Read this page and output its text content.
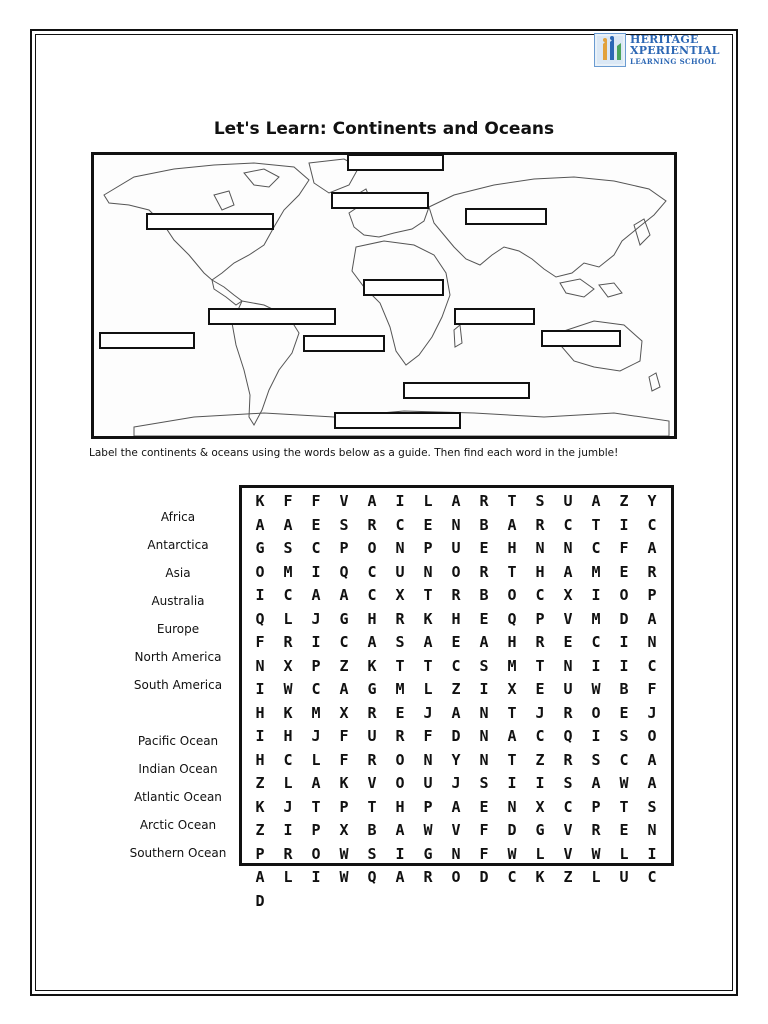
HERITAGE
XPERIENTIAL
LEARNING SCHOOL
Let's Learn: Continents and Oceans
Label the continents & oceans using the words below as a guide. Then find each word in the jumble!
Africa
Antarctica
Asia
Australia
Europe
North America
South America
Pacific Ocean
Indian Ocean
Atlantic Ocean
Arctic Ocean
Southern Ocean
K	F	F	V	A	I	L	A	R	T	S	U	A	Z	Y
A	A	E	S	R	C	E	N	B	A	R	C	T	I	C
G	S	C	P	O	N	P	U	E	H	N	N	C	F	A
O	M	I	Q	C	U	N	O	R	T	H	A	M	E	R
I	C	A	A	C	X	T	R	B	O	C	X	I	O	P
Q	L	J	G	H	R	K	H	E	Q	P	V	M	D	A
F	R	I	C	A	S	A	E	A	H	R	E	C	I	N
N	X	P	Z	K	T	T	C	S	M	T	N	I	I	C
I	W	C	A	G	M	L	Z	I	X	E	U	W	B	F
H	K	M	X	R	E	J	A	N	T	J	R	O	E	J
I	H	J	F	U	R	F	D	N	A	C	Q	I	S	O
H	C	L	F	R	O	N	Y	N	T	Z	R	S	C	A
Z	L	A	K	V	O	U	J	S	I	I	S	A	W	A
K	J	T	P	T	H	P	A	E	N	X	C	P	T	S
Z	I	P	X	B	A	W	V	F	D	G	V	R	E	N
P	R	O	W	S	I	G	N	F	W	L	V	W	L	I
A	L	I	W	Q	A	R	O	D	C	K	Z	L	U	C
D
